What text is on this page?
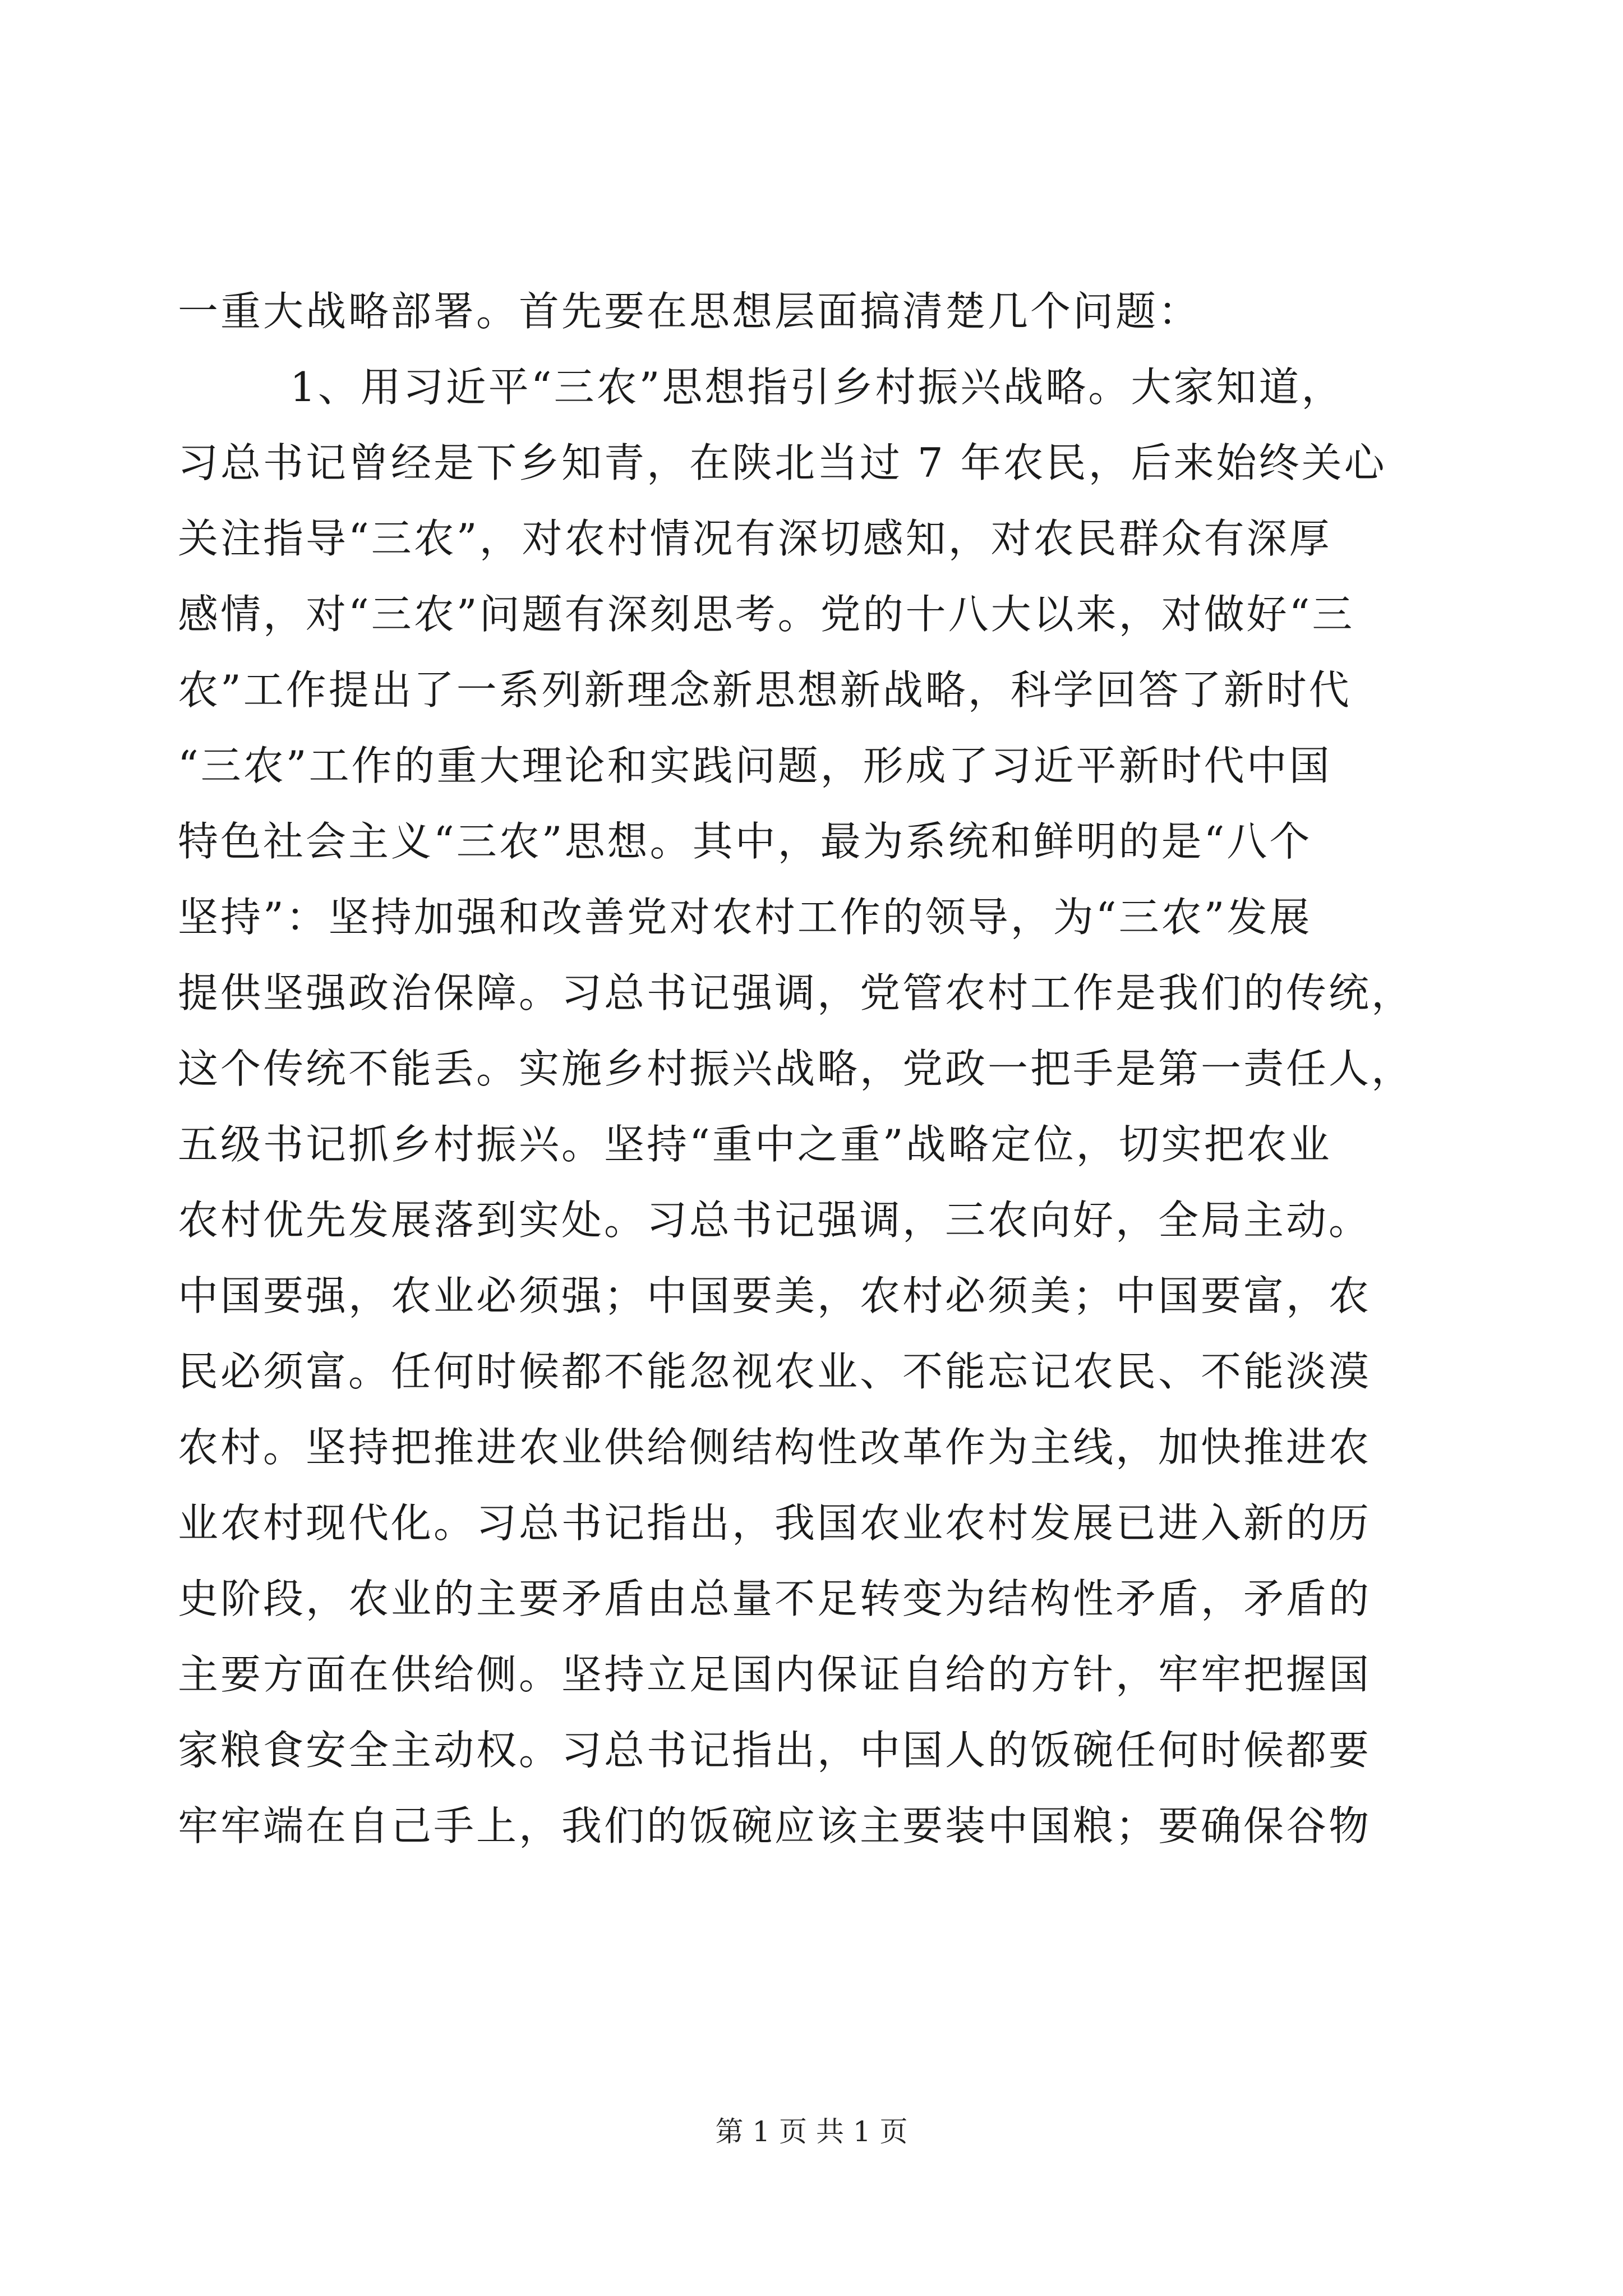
一重大战略部署。首先要在思想层面搞清楚几个问题：
1、用习近平“三农”思想指引乡村振兴战略。大家知道，
习总书记曾经是下乡知青，在陕北当过 7 年农民，后来始终关心
关注指导“三农”，对农村情况有深切感知，对农民群众有深厚
感情，对“三农”问题有深刻思考。党的十八大以来，对做好“三
农”工作提出了一系列新理念新思想新战略，科学回答了新时代
“三农”工作的重大理论和实践问题，形成了习近平新时代中国
特色社会主义“三农”思想。其中，最为系统和鲜明的是“八个
坚持”：坚持加强和改善党对农村工作的领导，为“三农”发展
提供坚强政治保障。习总书记强调，党管农村工作是我们的传统，
这个传统不能丢。实施乡村振兴战略，党政一把手是第一责任人，
五级书记抓乡村振兴。坚持“重中之重”战略定位，切实把农业
农村优先发展落到实处。习总书记强调，三农向好，全局主动。
中国要强，农业必须强；中国要美，农村必须美；中国要富，农
民必须富。任何时候都不能忽视农业、不能忘记农民、不能淡漠
农村。坚持把推进农业供给侧结构性改革作为主线，加快推进农
业农村现代化。习总书记指出，我国农业农村发展已进入新的历
史阶段，农业的主要矛盾由总量不足转变为结构性矛盾，矛盾的
主要方面在供给侧。坚持立足国内保证自给的方针，牢牢把握国
家粮食安全主动权。习总书记指出，中国人的饭碗任何时候都要
牢牢端在自己手上，我们的饭碗应该主要装中国粮；要确保谷物
第 1 页 共 1 页
